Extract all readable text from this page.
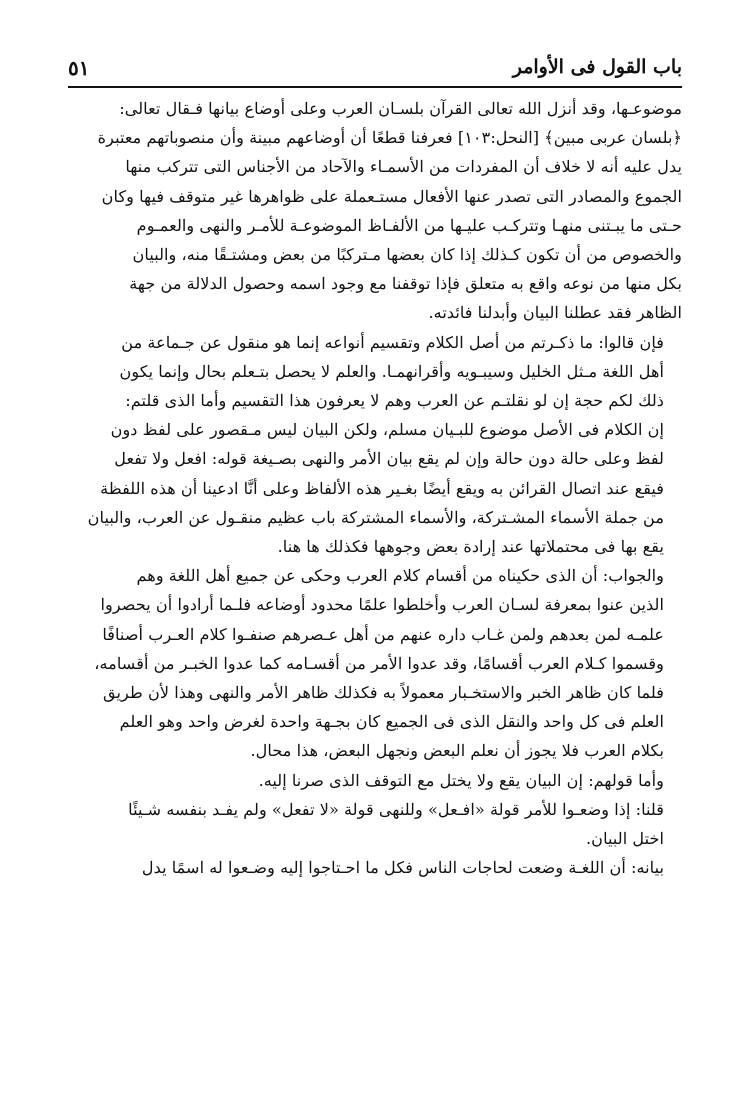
باب القول فى الأوامر
٥١

موضوعـها، وقد أنزل الله تعالى القرآن بلسـان العرب وعلى أوضاع بيانها فـقال تعالى:
﴿بلسان عربى مبين﴾ [النحل:١٠٣] فعرفنا قطعًا أن أوضاعهم مبينة وأن منصوباتهم معتبرة
يدل عليه أنه لا خلاف أن المفردات من الأسمـاء والآحاد من الأجناس التى تتركب منها
الجموع والمصادر التى تصدر عنها الأفعال مستـعملة على ظواهرها غير متوقف فيها وكان
حـتى ما يبـتنى منهـا وتتركـب عليـها من الألفـاظ الموضوعـة للأمـر والنهى والعمـوم
والخصوص من أن تكون كـذلك إذا كان بعضها مـتركبًا من بعض ومشتـقًا منه، والبيان
بكل منها من نوعه واقع به متعلق فإذا توقفنا مع وجود اسمه وحصول الدلالة من جهة
الظاهر فقد عطلنا البيان وأبدلنا فائدته.

فإن قالوا: ما ذكـرتم من أصل الكلام وتقسيم أنواعه إنما هو منقول عن جـماعة من
أهل اللغة مـثل الخليل وسيبـويه وأقرانهمـا. والعلم لا يحصل بتـعلم بحال وإنما يكون
ذلك لكم حجة إن لو نقلتـم عن العرب وهم لا يعرفون هذا التقسيم وأما الذى قلتم:
إن الكلام فى الأصل موضوع للبـيان مسلم، ولكن البيان ليس مـقصور على لفظ دون
لفظ وعلى حالة دون حالة وإن لم يقع بيان الأمر والنهى بصـيغة قوله: افعل ولا تفعل
فيقع عند اتصال القرائن به ويقع أيضًا بغـير هذه الألفاظ وعلى أنَّا ادعينا أن هذه اللفظة
من جملة الأسماء المشـتركة، والأسماء المشتركة باب عظيم منقـول عن العرب، والبيان
يقع بها فى محتملاتها عند إرادة بعض وجوهها فكذلك ها هنا.

والجواب: أن الذى حكيناه من أقسام كلام العرب وحكى عن جميع أهل اللغة وهم
الذين عنوا بمعرفة لسـان العرب وأخلطوا علمًا محدود أوضاعه فلـما أرادوا أن يحصروا
علمـه لمن بعدهم ولمن غـاب داره عنهم من أهل عـصرهم صنفـوا كلام العـرب أصنافًا
وقسموا كـلام العرب أقسامًا، وقد عدوا الأمر من أقسـامه كما عدوا الخبـر من أقسامه،
فلما كان ظاهر الخبر والاستخـبار معمولاً به فكذلك ظاهر الأمر والنهى وهذا لأن طريق
العلم فى كل واحد والنقل الذى فى الجميع كان بجـهة واحدة لغرض واحد وهو العلم
بكلام العرب فلا يجوز أن نعلم البعض ونجهل البعض، هذا محال.

وأما قولهم: إن البيان يقع ولا يختل مع التوقف الذى صرنا إليه.

قلنا: إذا وضعـوا للأمر قولة «افـعل» وللنهى قولة «لا تفعل» ولم يفـد بنفسه شـيئًا
اختل البيان.

بيانه: أن اللغـة وضعت لحاجات الناس فكل ما احـتاجوا إليه وضـعوا له اسمًا يدل
